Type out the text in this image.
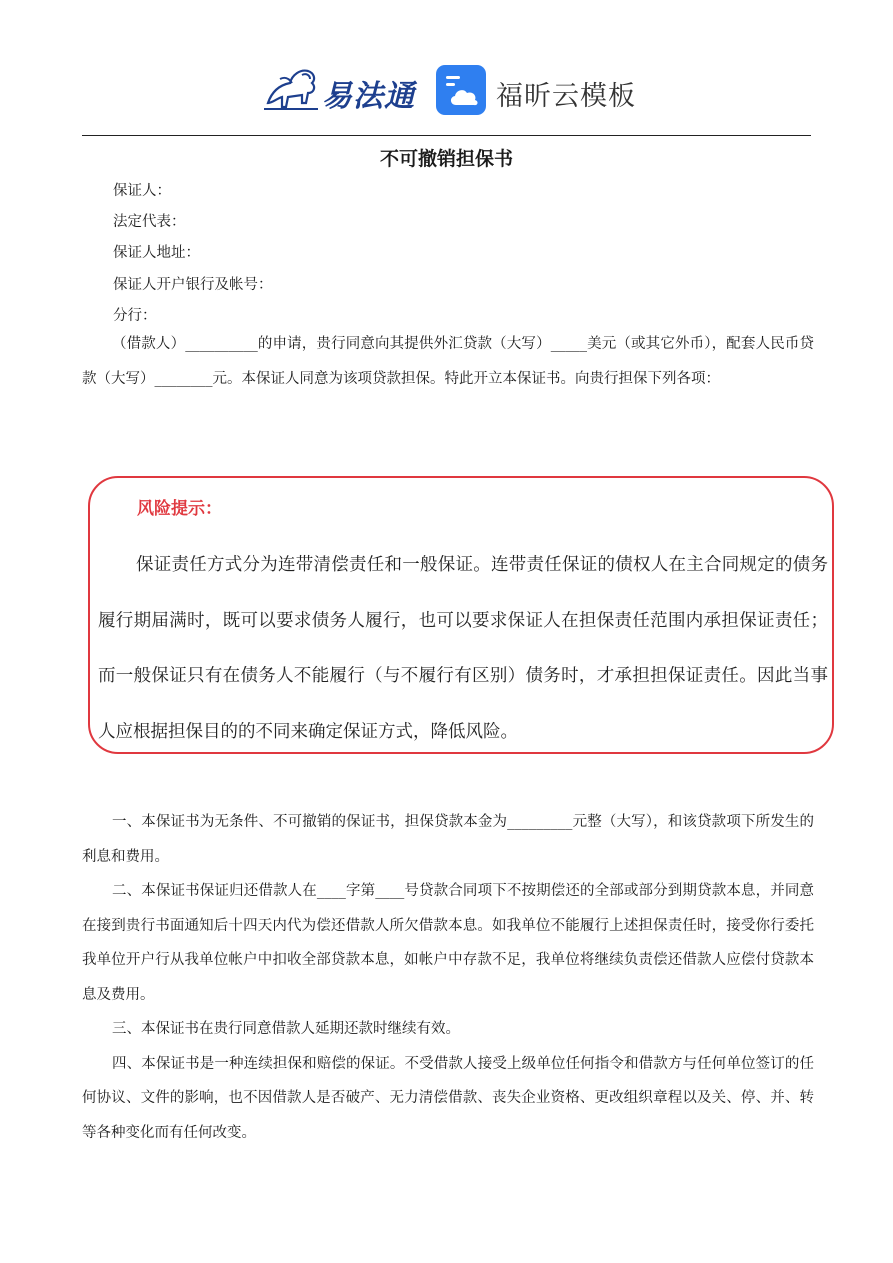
易法通	福昕云模板
不可撤销担保书
保证人：
法定代表：
保证人地址：
保证人开户银行及帐号：
分行：

（借款人）__________的申请，贵行同意向其提供外汇贷款（大写）_____美元（或其它外币），配套人民币贷款（大写）________元。本保证人同意为该项贷款担保。特此开立本保证书。向贵行担保下列各项：

风险提示：

保证责任方式分为连带清偿责任和一般保证。连带责任保证的债权人在主合同规定的债务履行期届满时，既可以要求债务人履行，也可以要求保证人在担保责任范围内承担保证责任；而一般保证只有在债务人不能履行（与不履行有区别）债务时，才承担担保证责任。因此当事人应根据担保目的的不同来确定保证方式，降低风险。

一、本保证书为无条件、不可撤销的保证书，担保贷款本金为_________元整（大写），和该贷款项下所发生的利息和费用。

二、本保证书保证归还借款人在____字第____号贷款合同项下不按期偿还的全部或部分到期贷款本息，并同意在接到贵行书面通知后十四天内代为偿还借款人所欠借款本息。如我单位不能履行上述担保责任时，接受你行委托我单位开户行从我单位帐户中扣收全部贷款本息，如帐户中存款不足，我单位将继续负责偿还借款人应偿付贷款本息及费用。

三、本保证书在贵行同意借款人延期还款时继续有效。

四、本保证书是一种连续担保和赔偿的保证。不受借款人接受上级单位任何指令和借款方与任何单位签订的任何协议、文件的影响，也不因借款人是否破产、无力清偿借款、丧失企业资格、更改组织章程以及关、停、并、转等各种变化而有任何改变。
